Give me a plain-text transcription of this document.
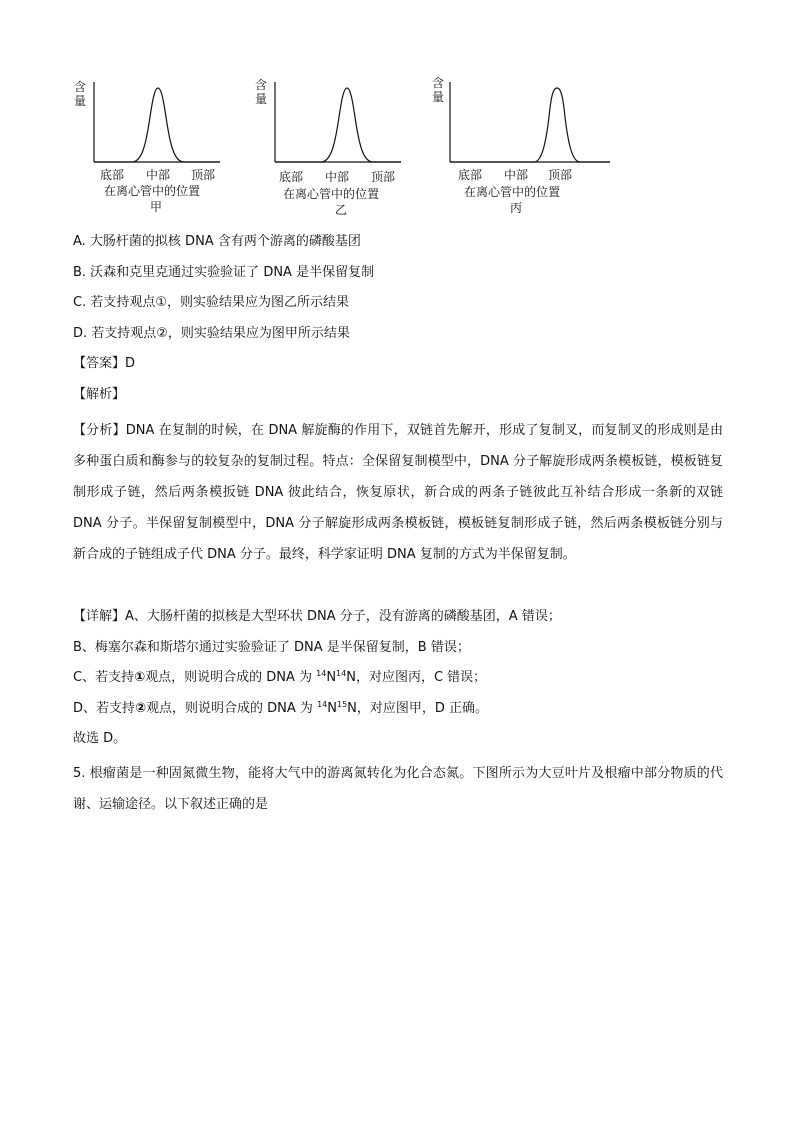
含量
底部 中部 顶部
在离心管中的位置
甲
含量
底部 中部 顶部
在离心管中的位置
乙
含量
底部 中部 顶部
在离心管中的位置
丙
A. 大肠杆菌的拟核 DNA 含有两个游离的磷酸基团
B. 沃森和克里克通过实验验证了 DNA 是半保留复制
C. 若支持观点①，则实验结果应为图乙所示结果
D. 若支持观点②，则实验结果应为图甲所示结果
【答案】D
【解析】
【分析】DNA 在复制的时候，在 DNA 解旋酶的作用下，双链首先解开，形成了复制叉，而复制叉的形成则是由多种蛋白质和酶参与的较复杂的复制过程。特点：全保留复制模型中，DNA 分子解旋形成两条模板链，模板链复制形成子链，然后两条模扳链 DNA 彼此结合，恢复原状，新合成的两条子链彼此互补结合形成一条新的双链 DNA 分子。半保留复制模型中，DNA 分子解旋形成两条模板链，模板链复制形成子链，然后两条模板链分别与新合成的子链组成子代 DNA 分子。最终，科学家证明 DNA 复制的方式为半保留复制。
【详解】A、大肠杆菌的拟核是大型环状 DNA 分子，没有游离的磷酸基团，A 错误；
B、梅塞尔森和斯塔尔通过实验验证了 DNA 是半保留复制，B 错误；
C、若支持①观点，则说明合成的 DNA 为 $^{14}N^{14}N$，对应图丙，C 错误；
D、若支持②观点，则说明合成的 DNA 为 $^{14}N^{15}N$，对应图甲，D 正确。
故选 D。
5. 根瘤菌是一种固氮微生物，能将大气中的游离氮转化为化合态氮。下图所示为大豆叶片及根瘤中部分物质的代谢、运输途径。以下叙述正确的是
